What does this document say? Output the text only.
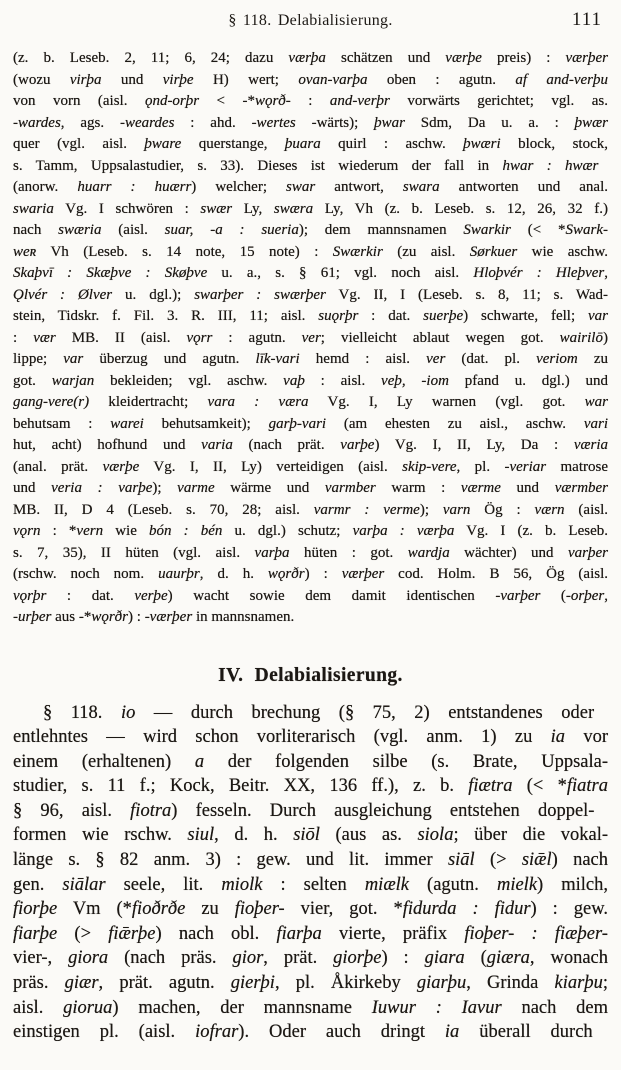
§ 118. Delabialisierung.	111
(z. b. Leseb. 2, 11; 6, 24; dazu værþa schätzen und værþe preis) : værþer
(wozu virþa und virþe H) wert; ovan-varþa oben : agutn. af and-verþu
von vorn (aisl. ǫnd-orþr < -*wǫrð- : and-verþr vorwärts gerichtet; vgl. as.
-wardes, ags. -weardes : ahd. -wertes -wärts); þwar Sdm, Da u. a. : þwær
quer (vgl. aisl. þware querstange, þuara quirl : aschw. þwæri block, stock,
s. Tamm, Uppsalastudier, s. 33). Dieses ist wiederum der fall in hwar : hwær
(anorw. huarr : huærr) welcher; swar antwort, swara antworten und anal.
swaria Vg. I schwören : swær Ly, swæra Ly, Vh (z. b. Leseb. s. 12, 26, 32 f.)
nach swæria (aisl. suar, -a : sueria); dem mannsnamen Swarkir (< *Swark-
weʀ Vh (Leseb. s. 14 note, 15 note) : Swærkir (zu aisl. Sørkuer wie aschw.
Skaþvī : Skæþve : Skøþve u. a., s. § 61; vgl. noch aisl. Hloþvér : Hleþver,
Ǫlvér : Ølver u. dgl.); swarþer : swærþer Vg. II, I (Leseb. s. 8, 11; s. Wad-
stein, Tidskr. f. Fil. 3. R. III, 11; aisl. suǫrþr : dat. suerþe) schwarte, fell; var
: vær MB. II (aisl. vǫrr : agutn. ver; vielleicht ablaut wegen got. wairilō)
lippe; var überzug und agutn. līk-vari hemd : aisl. ver (dat. pl. veriom zu
got. warjan bekleiden; vgl. aschw. vaþ : aisl. veþ, -iom pfand u. dgl.) und
gang-vere(r) kleidertracht; vara : væra Vg. I, Ly warnen (vgl. got. war
behutsam : warei behutsamkeit); garþ-vari (am ehesten zu aisl., aschw. vari
hut, acht) hofhund und varia (nach prät. varþe) Vg. I, II, Ly, Da : væria
(anal. prät. værþe Vg. I, II, Ly) verteidigen (aisl. skip-vere, pl. -veriar matrose
und veria : varþe); varme wärme und varmber warm : værme und værmber
MB. II, D 4 (Leseb. s. 70, 28; aisl. varmr : verme); varn Ög : værn (aisl.
vǫrn : *vern wie bón : bén u. dgl.) schutz; varþa : værþa Vg. I (z. b. Leseb.
s. 7, 35), II hüten (vgl. aisl. varþa hüten : got. wardja wächter) und varþer
(rschw. noch nom. uaurþr, d. h. wǫrðr) : værþer cod. Holm. B 56, Ög (aisl.
vǫrþr : dat. verþe) wacht sowie dem damit identischen -varþer (-orþer,
-urþer aus -*wǫrðr) : -værþer in mannsnamen.
IV. Delabialisierung.
§ 118. io — durch brechung (§ 75, 2) entstandenes oder
entlehntes — wird schon vorliterarisch (vgl. anm. 1) zu ia vor
einem (erhaltenen) a der folgenden silbe (s. Brate, Uppsala-
studier, s. 11 f.; Kock, Beitr. XX, 136 ff.), z. b. fiætra (< *fiatra
§ 96, aisl. fiotra) fesseln. Durch ausgleichung entstehen doppel-
formen wie rschw. siul, d. h. siōl (aus as. siola; über die vokal-
länge s. § 82 anm. 3) : gew. und lit. immer siāl (> siǣl) nach
gen. siālar seele, lit. miolk : selten miælk (agutn. mielk) milch,
fiorþe Vm (*fioðrðe zu fioþer- vier, got. *fidurda : fidur) : gew.
fiarþe (> fiǣrþe) nach obl. fiarþa vierte, präfix fioþer- : fiæþer-
vier-, giora (nach präs. gior, prät. giorþe) : giara (giæra, wonach
präs. giær, prät. agutn. gierþi, pl. Åkirkeby giarþu, Grinda kiarþu;
aisl. giorua) machen, der mannsname Iuwur : Iavur nach dem
einstigen pl. (aisl. iofrar). Oder auch dringt ia überall durch
